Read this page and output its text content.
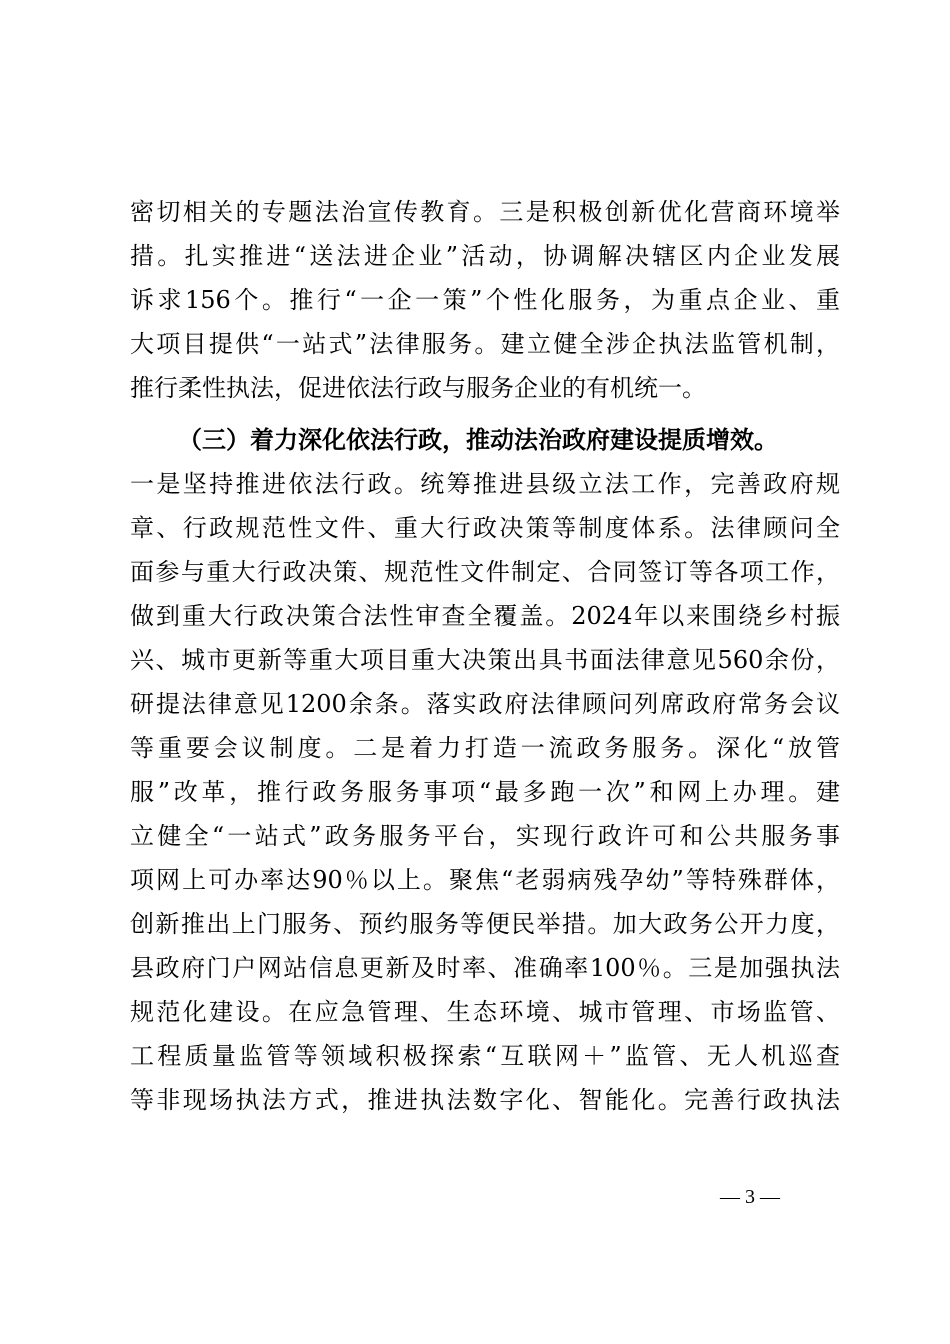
密切相关的专题法治宣传教育。三是积极创新优化营商环境举
措。扎实推进“送法进企业”活动，协调解决辖区内企业发展
诉求156个。推行“一企一策”个性化服务，为重点企业、重
大项目提供“一站式”法律服务。建立健全涉企执法监管机制，
推行柔性执法，促进依法行政与服务企业的有机统一。
（三）着力深化依法行政，推动法治政府建设提质增效。
一是坚持推进依法行政。统筹推进县级立法工作，完善政府规
章、行政规范性文件、重大行政决策等制度体系。法律顾问全
面参与重大行政决策、规范性文件制定、合同签订等各项工作，
做到重大行政决策合法性审查全覆盖。2024年以来围绕乡村振
兴、城市更新等重大项目重大决策出具书面法律意见560余份，
研提法律意见1200余条。落实政府法律顾问列席政府常务会议
等重要会议制度。二是着力打造一流政务服务。深化“放管
服”改革，推行政务服务事项“最多跑一次”和网上办理。建
立健全“一站式”政务服务平台，实现行政许可和公共服务事
项网上可办率达90％以上。聚焦“老弱病残孕幼”等特殊群体，
创新推出上门服务、预约服务等便民举措。加大政务公开力度，
县政府门户网站信息更新及时率、准确率100％。三是加强执法
规范化建设。在应急管理、生态环境、城市管理、市场监管、
工程质量监管等领域积极探索“互联网＋”监管、无人机巡查
等非现场执法方式，推进执法数字化、智能化。完善行政执法
— 3 —
